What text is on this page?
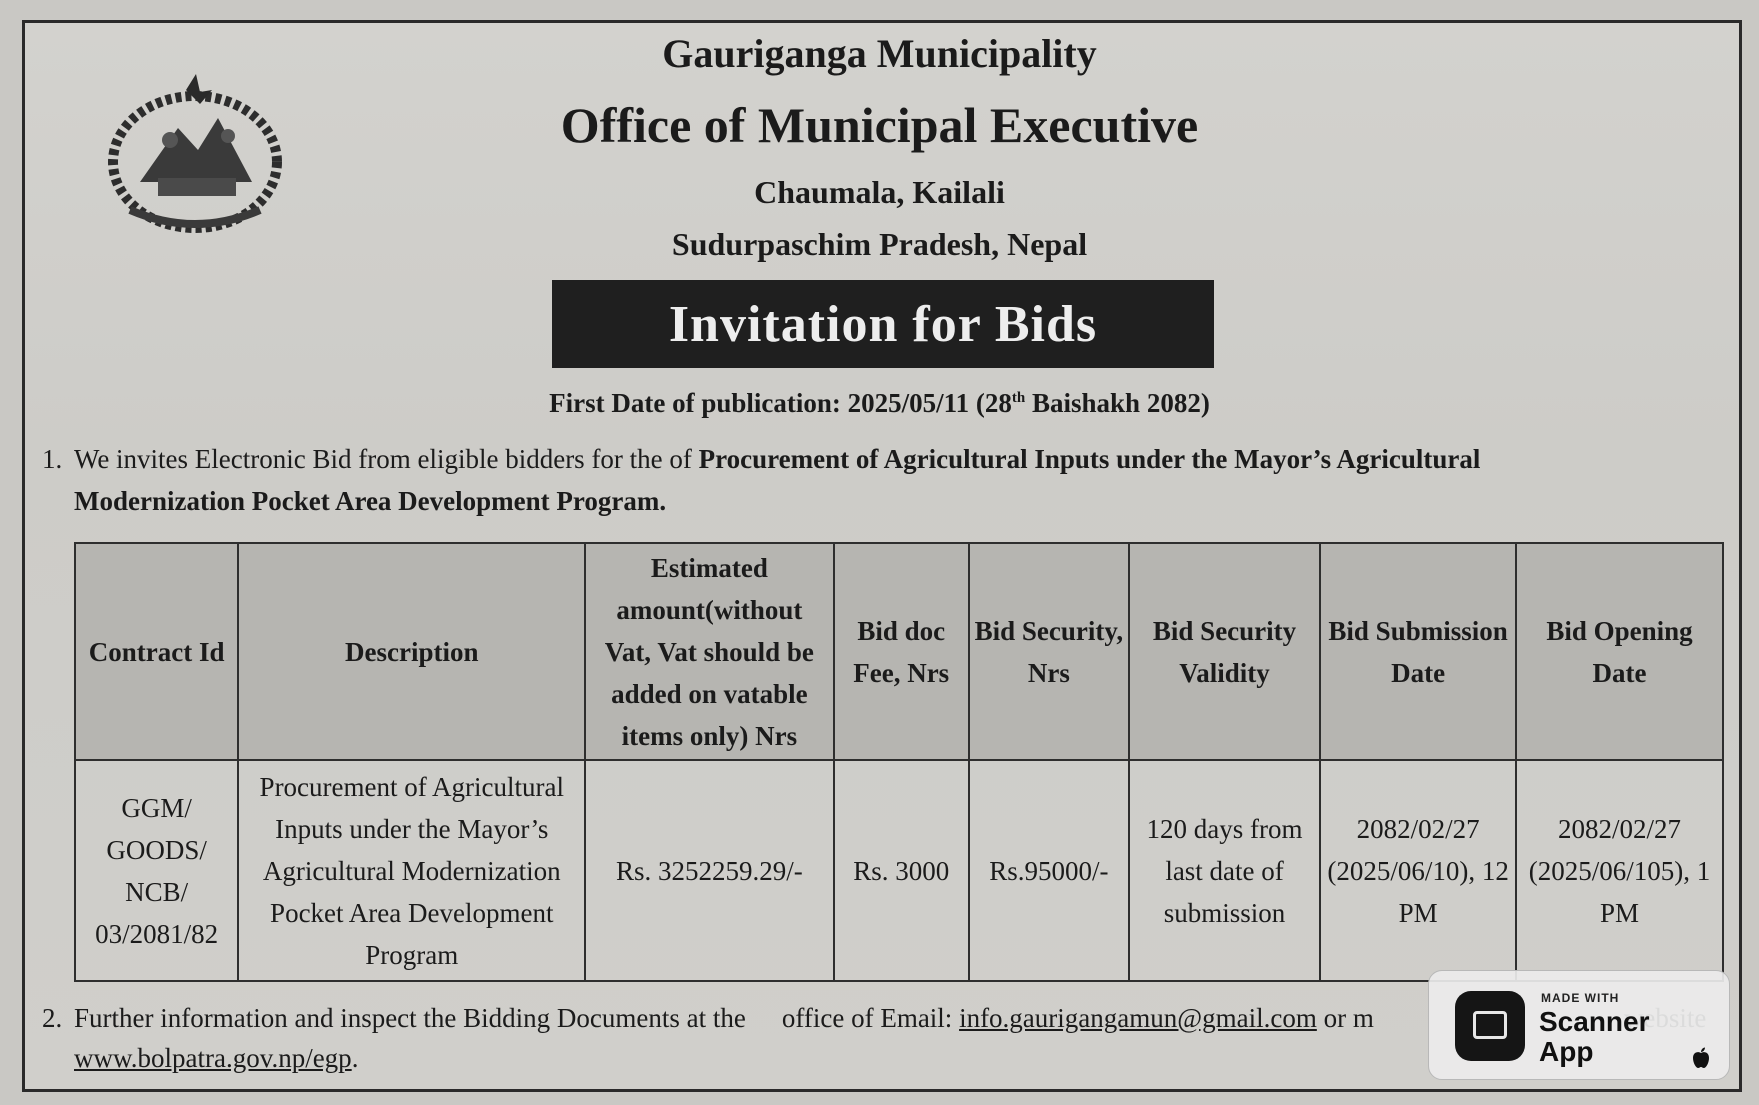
Gauriganga Municipality
Office of Municipal Executive
Chaumala, Kailali
Sudurpaschim Pradesh, Nepal
Invitation for Bids
First Date of publication: 2025/05/11 (28th Baishakh 2082)
1. We invites Electronic Bid from eligible bidders for the of Procurement of Agricultural Inputs under the Mayor’s Agricultural
Modernization Pocket Area Development Program.
Contract Id	Description	Estimated amount(without Vat, Vat should be added on vatable items only) Nrs	Bid doc Fee, Nrs	Bid Security, Nrs	Bid Security Validity	Bid Submission Date	Bid Opening Date
GGM/ GOODS/ NCB/ 03/2081/82	Procurement of Agricultural Inputs under the Mayor’s Agricultural Modernization Pocket Area Development Program	Rs. 3252259.29/-	Rs. 3000	Rs.95000/-	120 days from last date of submission	2082/02/27 (2025/06/10), 12 PM	2082/02/27 (2025/06/105), 1 PM
2. Further information and inspect the Bidding Documents at the office of Email: info.gaurigangamun@gmail.com or m
www.bolpatra.gov.np/egp.
MADE WITH
Scanner
App
